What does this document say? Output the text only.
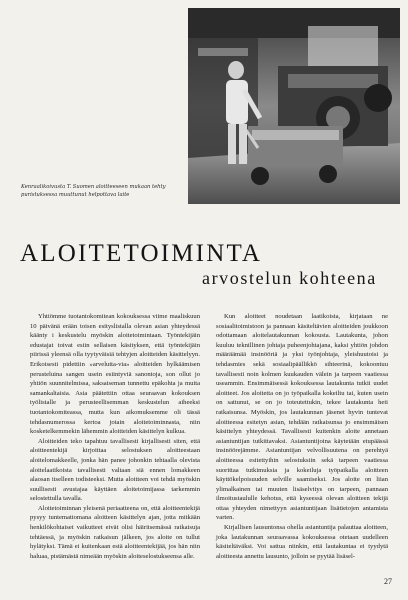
Kenraalikoivusta T. Suomen aloitteeseen mukaan tehty puristuksessa muuttunut helpottava laite
ALOITETOIMINTA
arvostelun kohteena

Yhtiömme tuotantokomitean kokouksessa viime maaliskuun 10 päivänä erään toisen esityslistalla olevan asian yhteydessä käänty i keskustelu myöskin aloitetoimintaan. Työntekijäin edustajat toivat esiin sellaisen käsityksen, että työntekijäin piirissä yleensä olla tyytyväisiä tehtyjen aloitteiden käsittelyyn. Erikoisesti pidettiin »arvelutta-via» aloitteiden hylkäämisen perusteluina sangen usein esiintyviä sanontoja, son ollut jo yhtiön suunnitelmissa, saksaiseman tunnettu epäkohta ja muita samankaltaisia. Asia päätettiin ottaa seuraavan kokouksen työlistalle ja perusteellisemman keskustelun aiheeksi tuotantokomiteassa, mutta kun aikomuksemme oli tässä tehdasnumerossa kertoa jotain aloitetoiminnasta, niin kosketelkemmekin lähemmin aloitteiden käsittelyn kulkua.

Aloitteiden teko tapahtuu tavallisesti kirjallisesti siten, että aloitteentekijä kirjoittaa selostuksen aloitteestaan aloitelomakkeelle, jonka hän panee johonkin tehtaalla olevista aloitelaatikoista tavallisesti valtaan siä ennen lomakkeen alaosan itselleen todisteeksi. Mutta aloitteen voi tehdä myöskin suullisesti avustajaa käyttäen aloitetoimijassa tarkemmin selostettulla tavalla.

Aloitetoiminnan yleisenä periaatteena on, että aloitteentekijä pysyy tuntemattomana aloitteen käsittelyn ajan, jotta mitkään henkilökohtaiset vaikutteet eivät olisi häiritsemässä ratkaisuja tehtäessä, ja myöskin ratkaisun jälkeen, jos aloite on tullut hylätyksi. Tämä ei kuitenkaan estä aloitteentekijää, jos hän niin haluaa, pistämästä nimeään myöskin aloiteselostukseensa alle.

Kun aloitteet noudetaan laatikoista, kirjataan ne sosiaalitoimistoon ja pannaan käsiteltävien aloitteiden joukkoon odottamaan aloitelautakunnan kokousta. Lautakunta, johon kuuluu teknillinen johtaja puheenjohtajana, kaksi yhtiön johdon määräämää insinööriä ja yksi työnjohtaja, yleishuutoisi ja tehdasmies sekä sosiaalipäällikkö sihteerinä, kokoontuu tavallisesti noin kolmen kuukauden välein ja tarpeen vaatiessa useammin. Ensimmäisessä kokouksessa lautakunta tutkii uudet aloitteet. Jos aloitetta on jo työpaikalla kokeiltu tai, kuten usein on sattunut, se on jo toteutettukin, tekee lautakunta heti ratkaisunsa. Myöskin, jos lautakunnan jäsenet hyvin tuntevat aloitteessa esitetyn asian, tehdään ratkaisunsa jo ensimmäisen käsittelyn yhteydessä. Tavallisesti kuitenkin aloite annetaan asiantuntijan tutkittavaksi. Asiantuntijoina käytetään etupäässä insinöörejämme. Asiantuntijan velvollisuutena on perehtyä aloitteessa esitettyihin selostuksiin sekä tarpeen vaatiessa suorittaa tutkimuksia ja kokeiluja työpaikalla aloitteen käyttökelpoisuuden selville saamiseksi. Jos aloite on liian ylimalkainen tai muuten lisäselvitys on tarpeen, pannaan ilmoitustaululle kehotus, että kyseessä olevan aloitteen tekijä ottaa yhteyden nimettyyn asiantuntijaan lisätietojen antamista varten.

Kirjallisen lausuntonsa ohella asiantuntija palauttaa aloitteen, joka lautakunnan seuraavassa kokouksessa otetaan uudelleen käsiteltäväksi. Voi sattua niinkin, että lautakuntaa ei tyydytä aloitteesta annettu lausunto, jolloin se pyytää lisäsel-

27
